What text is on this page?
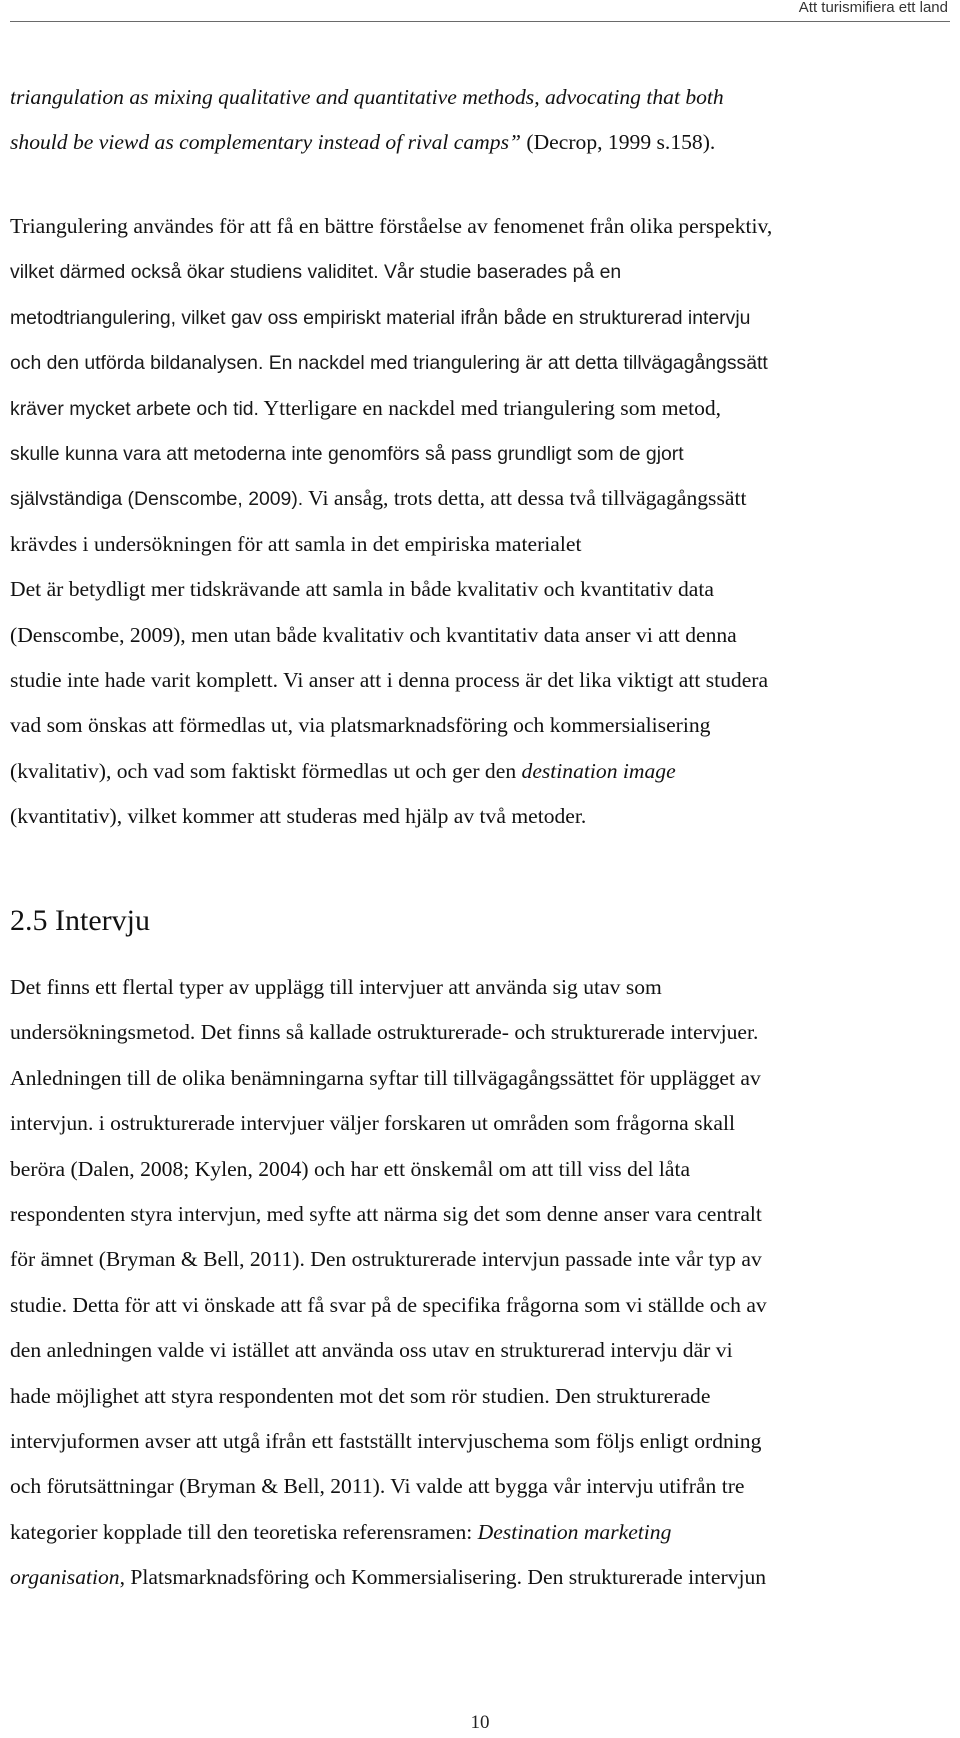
Att turismifiera ett land
triangulation as mixing qualitative and quantitative methods, advocating that both
should be viewd as complementary instead of rival camps” (Decrop, 1999 s.158).
Triangulering användes för att få en bättre förståelse av fenomenet från olika perspektiv,
vilket därmed också ökar studiens validitet. Vår studie baserades på en
metodtriangulering, vilket gav oss empiriskt material ifrån både en strukturerad intervju
och den utförda bildanalysen. En nackdel med triangulering är att detta tillvägagångssätt
kräver mycket arbete och tid. Ytterligare en nackdel med triangulering som metod,
skulle kunna vara att metoderna inte genomförs så pass grundligt som de gjort
självständiga (Denscombe, 2009). Vi ansåg, trots detta, att dessa två tillvägagångssätt
krävdes i undersökningen för att samla in det empiriska materialet
Det är betydligt mer tidskrävande att samla in både kvalitativ och kvantitativ data
(Denscombe, 2009), men utan både kvalitativ och kvantitativ data anser vi att denna
studie inte hade varit komplett. Vi anser att i denna process är det lika viktigt att studera
vad som önskas att förmedlas ut, via platsmarknadsföring och kommersialisering
(kvalitativ), och vad som faktiskt förmedlas ut och ger den destination image
(kvantitativ), vilket kommer att studeras med hjälp av två metoder.
2.5 Intervju
Det finns ett flertal typer av upplägg till intervjuer att använda sig utav som
undersökningsmetod. Det finns så kallade ostrukturerade- och strukturerade intervjuer.
Anledningen till de olika benämningarna syftar till tillvägagångssättet för upplägget av
intervjun. i ostrukturerade intervjuer väljer forskaren ut områden som frågorna skall
beröra (Dalen, 2008; Kylen, 2004) och har ett önskemål om att till viss del låta
respondenten styra intervjun, med syfte att närma sig det som denne anser vara centralt
för ämnet (Bryman & Bell, 2011). Den ostrukturerade intervjun passade inte vår typ av
studie. Detta för att vi önskade att få svar på de specifika frågorna som vi ställde och av
den anledningen valde vi istället att använda oss utav en strukturerad intervju där vi
hade möjlighet att styra respondenten mot det som rör studien. Den strukturerade
intervjuformen avser att utgå ifrån ett fastställt intervjuschema som följs enligt ordning
och förutsättningar (Bryman & Bell, 2011). Vi valde att bygga vår intervju utifrån tre
kategorier kopplade till den teoretiska referensramen: Destination marketing
organisation, Platsmarknadsföring och Kommersialisering. Den strukturerade intervjun
10
